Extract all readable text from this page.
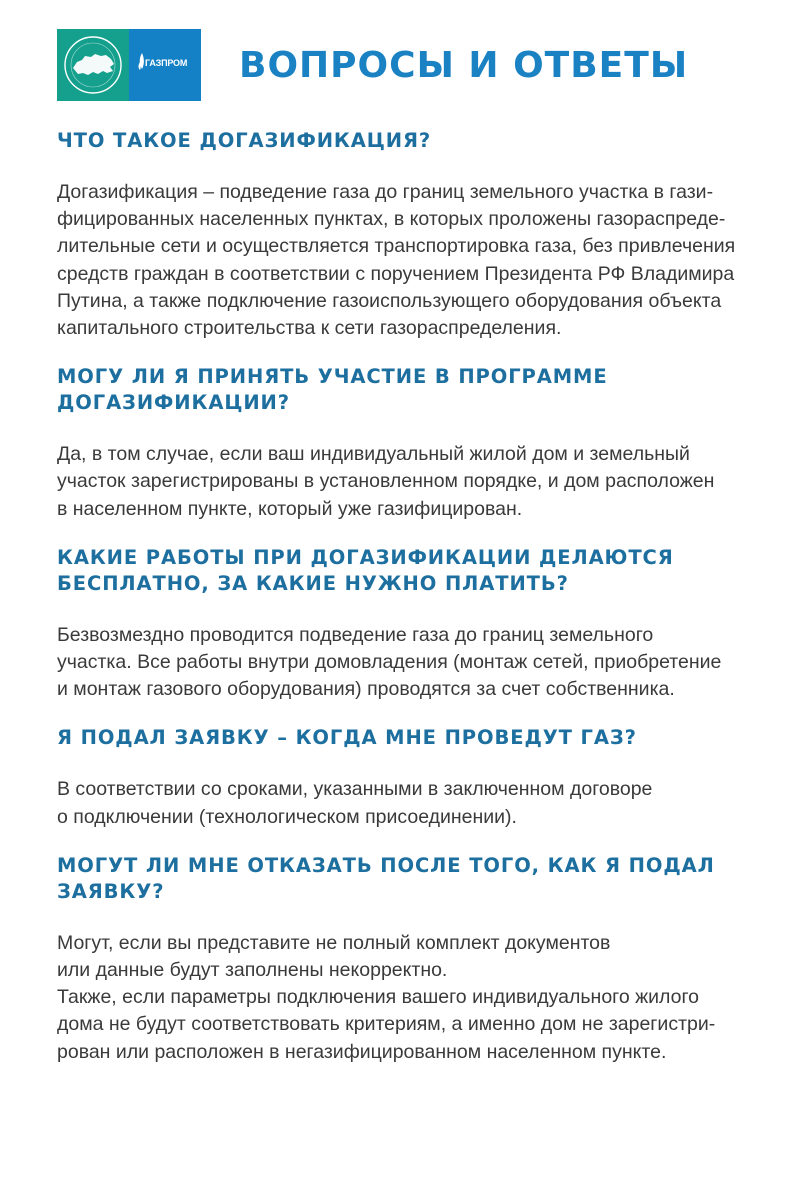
ГАЗПРОМ ВОПРОСЫ И ОТВЕТЫ
ЧТО ТАКОЕ ДОГАЗИФИКАЦИЯ?
Догазификация – подведение газа до границ земельного участка в гази-
фицированных населенных пунктах, в которых проложены газораспреде-
лительные сети и осуществляется транспортировка газа, без привлечения
средств граждан в соответствии с поручением Президента РФ Владимира
Путина, а также подключение газоиспользующего оборудования объекта
капитального строительства к сети газораспределения.
МОГУ ЛИ Я ПРИНЯТЬ УЧАСТИЕ В ПРОГРАММЕ
ДОГАЗИФИКАЦИИ?
Да, в том случае, если ваш индивидуальный жилой дом и земельный
участок зарегистрированы в установленном порядке, и дом расположен
в населенном пункте, который уже газифицирован.
КАКИЕ РАБОТЫ ПРИ ДОГАЗИФИКАЦИИ ДЕЛАЮТСЯ
БЕСПЛАТНО, ЗА КАКИЕ НУЖНО ПЛАТИТЬ?
Безвозмездно проводится подведение газа до границ земельного
участка. Все работы внутри домовладения (монтаж сетей, приобретение
и монтаж газового оборудования) проводятся за счет собственника.
Я ПОДАЛ ЗАЯВКУ – КОГДА МНЕ ПРОВЕДУТ ГАЗ?
В соответствии со сроками, указанными в заключенном договоре
о подключении (технологическом присоединении).
МОГУТ ЛИ МНЕ ОТКАЗАТЬ ПОСЛЕ ТОГО, КАК Я ПОДАЛ
ЗАЯВКУ?
Могут, если вы представите не полный комплект документов
или данные будут заполнены некорректно.
Также, если параметры подключения вашего индивидуального жилого
дома не будут соответствовать критериям, а именно дом не зарегистри-
рован или расположен в негазифицированном населенном пункте.
